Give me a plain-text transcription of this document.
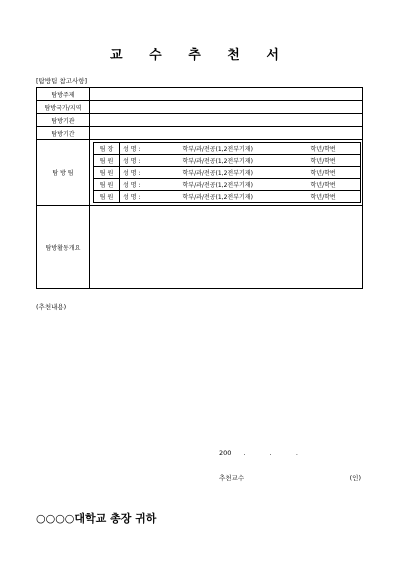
교 수 추 천 서
[탐방팀 참고사항]
탐방주제	
탐방국가/지역	
탐방기관	
탐방기간	
탐 방 팀	
팀 장	성 명 :	학부/과/전공(1,2전부기재)	학년/학번
팀 원	성 명 :	학부/과/전공(1,2전부기재)	학년/학번
팀 원	성 명 :	학부/과/전공(1,2전부기재)	학년/학번
팀 원	성 명 :	학부/과/전공(1,2전부기재)	학년/학번
팀 원	성 명 :	학부/과/전공(1,2전부기재)	학년/학번

탐방활동개요	
(추천내용)
200 .	.	.
추천교수	(인)
○○○○대학교 총장 귀하
